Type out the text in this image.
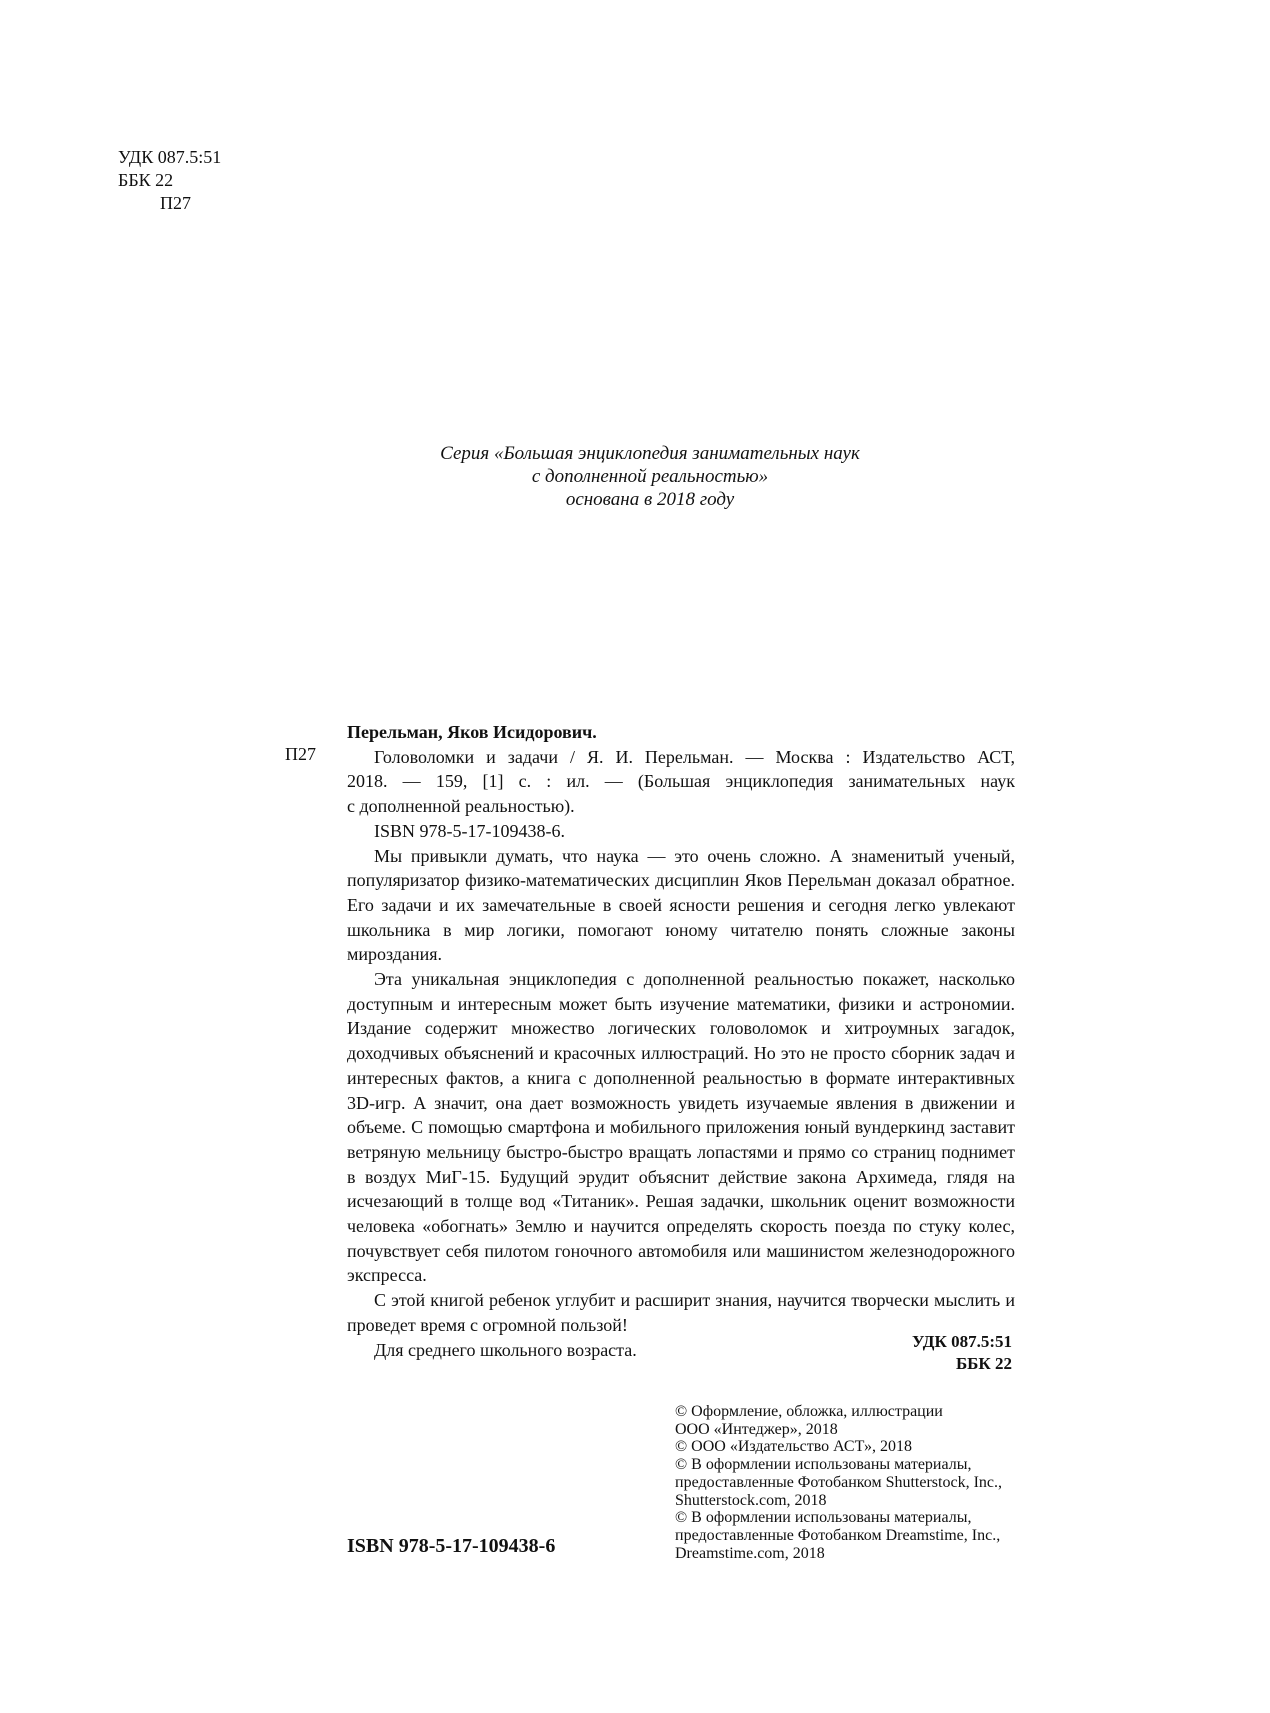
УДК 087.5:51
ББК 22
П27
Серия «Большая энциклопедия занимательных наук
с дополненной реальностью»
основана в 2018 году
П27
Перельман, Яков Исидорович.
Головоломки и задачи / Я. И. Перельман. — Москва : Издательство АСТ,
2018. — 159, [1] с. : ил. — (Большая энциклопедия занимательных наук
с дополненной реальностью).
ISBN 978-5-17-109438-6.

Мы привыкли думать, что наука — это очень сложно. А знаменитый ученый, популяризатор физико-математических дисциплин Яков Перельман доказал обратное. Его задачи и их замечательные в своей ясности решения и сегодня легко увлекают школьника в мир логики, помогают юному читателю понять сложные законы мироздания.

Эта уникальная энциклопедия с дополненной реальностью покажет, насколько доступным и интересным может быть изучение математики, физики и астрономии. Издание содержит множество логических головоломок и хитроумных загадок, доходчивых объяснений и красочных иллюстраций. Но это не просто сборник задач и интересных фактов, а книга с дополненной реальностью в формате интерактивных 3D-игр. А значит, она дает возможность увидеть изучаемые явления в движении и объеме. С помощью смартфона и мобильного приложения юный вундеркинд заставит ветряную мельницу быстро-быстро вращать лопастями и прямо со страниц поднимет в воздух МиГ-15. Будущий эрудит объяснит действие закона Архимеда, глядя на исчезающий в толще вод «Титаник». Решая задачки, школьник оценит возможности человека «обогнать» Землю и научится определять скорость поезда по стуку колес, почувствует себя пилотом гоночного автомобиля или машинистом железнодорожного экспресса.

С этой книгой ребенок углубит и расширит знания, научится творчески мыслить и проведет время с огромной пользой!

Для среднего школьного возраста.	УДК 087.5:51
ББК 22
© Оформление, обложка, иллюстрации
ООО «Интеджер», 2018
© ООО «Издательство АСТ», 2018
© В оформлении использованы материалы,
предоставленные Фотобанком Shutterstock, Inc.,
Shutterstock.com, 2018
© В оформлении использованы материалы,
предоставленные Фотобанком Dreamstime, Inc.,
Dreamstime.com, 2018
ISBN 978-5-17-109438-6
